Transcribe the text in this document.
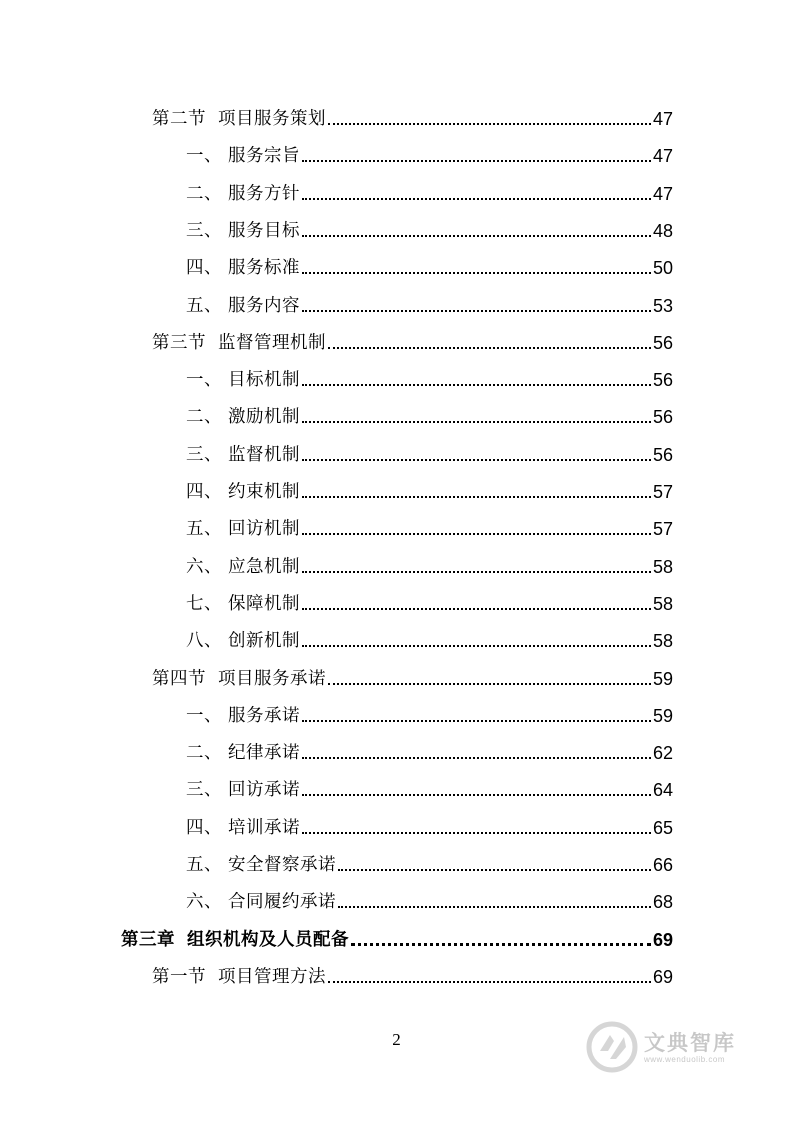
第二节 项目服务策划	47
一、 服务宗旨	47
二、 服务方针	47
三、 服务目标	48
四、 服务标准	50
五、 服务内容	53
第三节 监督管理机制	56
一、 目标机制	56
二、 激励机制	56
三、 监督机制	56
四、 约束机制	57
五、 回访机制	57
六、 应急机制	58
七、 保障机制	58
八、 创新机制	58
第四节 项目服务承诺	59
一、 服务承诺	59
二、 纪律承诺	62
三、 回访承诺	64
四、 培训承诺	65
五、 安全督察承诺	66
六、 合同履约承诺	68
第三章 组织机构及人员配备	69
第一节 项目管理方法	69
2	文典智库
www.wenduolib.com
